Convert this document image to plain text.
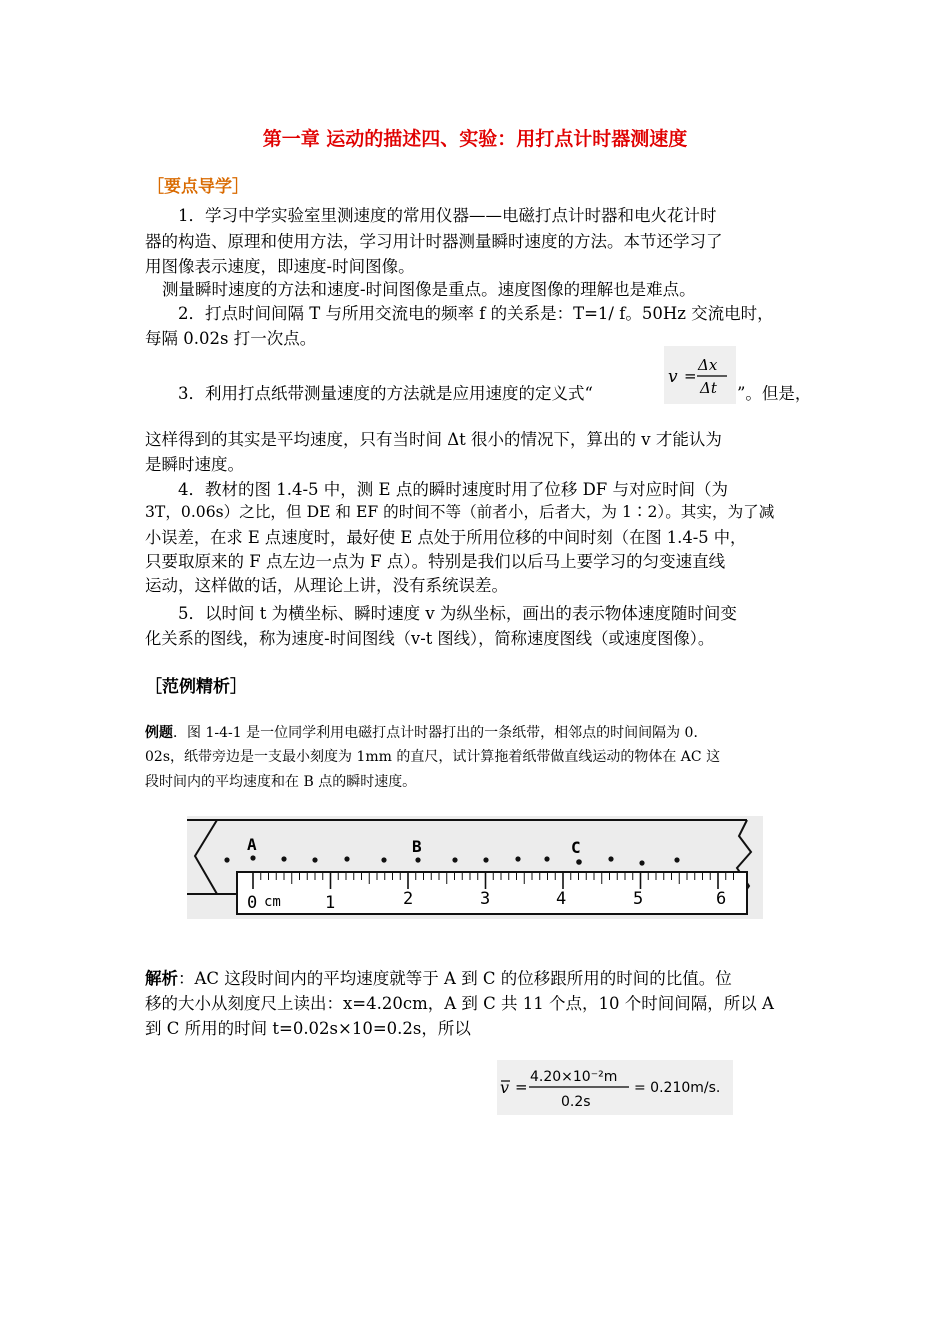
第一章 运动的描述四、实验：用打点计时器测速度
［要点导学］
1．学习中学实验室里测速度的常用仪器——电磁打点计时器和电火花计时
器的构造、原理和使用方法，学习用计时器测量瞬时速度的方法。本节还学习了
用图像表示速度，即速度-时间图像。
测量瞬时速度的方法和速度-时间图像是重点。速度图像的理解也是难点。
2．打点时间间隔 T 与所用交流电的频率 f 的关系是：T=1/ f。50Hz 交流电时，
每隔 0.02s 打一次点。
3．利用打点纸带测量速度的方法就是应用速度的定义式“
v =
Δx
Δt ”。但是，
这样得到的其实是平均速度，只有当时间 Δt 很小的情况下，算出的 v 才能认为
是瞬时速度。
4．教材的图 1.4-5 中，测 E 点的瞬时速度时用了位移 DF 与对应时间（为
3T，0.06s）之比，但 DE 和 EF 的时间不等（前者小，后者大，为 1∶2）。其实，为了减
小误差，在求 E 点速度时，最好使 E 点处于所用位移的中间时刻（在图 1.4-5 中，
只要取原来的 F 点左边一点为 F 点）。特别是我们以后马上要学习的匀变速直线
运动，这样做的话，从理论上讲，没有系统误差。
5．以时间 t 为横坐标、瞬时速度 v 为纵坐标，画出的表示物体速度随时间变
化关系的图线，称为速度-时间图线（v-t 图线），简称速度图线（或速度图像）。
［范例精析］
例题．图 1-4-1 是一位同学利用电磁打点计时器打出的一条纸带，相邻点的时间间隔为 0．
02s，纸带旁边是一支最小刻度为 1mm 的直尺，试计算拖着纸带做直线运动的物体在 AC 这
段时间内的平均速度和在 B 点的瞬时速度。
A	B	C
0 cm	1	2	3	4	5	6
解析：AC 这段时间内的平均速度就等于 A 到 C 的位移跟所用的时间的比值。位
移的大小从刻度尺上读出：x=4.20cm，A 到 C 共 11 个点，10 个时间间隔，所以 A
到 C 所用的时间 t=0.02s×10=0.2s，所以
v =
4.20×10⁻²m
0.2s
= 0.210m/s.
